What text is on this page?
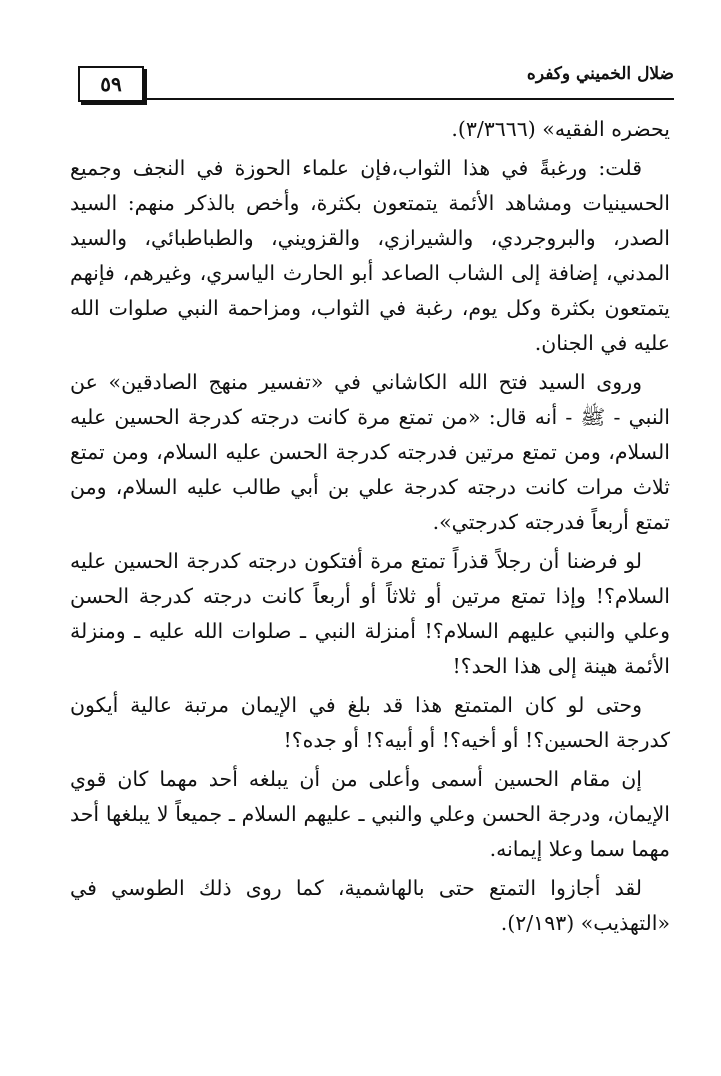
٥٩	ضلال الخميني وكفره

يحضره الفقيه» (٣/٣٦٦٦).

قلت: ورغبةً في هذا الثواب،فإن علماء الحوزة في النجف وجميع الحسينيات ومشاهد الأئمة يتمتعون بكثرة، وأخص بالذكر منهم: السيد الصدر، والبروجردي، والشيرازي، والقزويني، والطباطبائي، والسيد المدني، إضافة إلى الشاب الصاعد أبو الحارث الياسري، وغيرهم، فإنهم يتمتعون بكثرة وكل يوم، رغبة في الثواب، ومزاحمة النبي صلوات الله عليه في الجنان.

وروى السيد فتح الله الكاشاني في «تفسير منهج الصادقين» عن النبي - ﷺ - أنه قال: «من تمتع مرة كانت درجته كدرجة الحسين عليه السلام، ومن تمتع مرتين فدرجته كدرجة الحسن عليه السلام، ومن تمتع ثلاث مرات كانت درجته كدرجة علي بن أبي طالب عليه السلام، ومن تمتع أربعاً فدرجته كدرجتي».

لو فرضنا أن رجلاً قذراً تمتع مرة أفتكون درجته كدرجة الحسين عليه السلام؟! وإذا تمتع مرتين أو ثلاثاً أو أربعاً كانت درجته كدرجة الحسن وعلي والنبي عليهم السلام؟! أمنزلة النبي ـ صلوات الله عليه ـ ومنزلة الأئمة هينة إلى هذا الحد؟!

وحتى لو كان المتمتع هذا قد بلغ في الإيمان مرتبة عالية أيكون كدرجة الحسين؟! أو أخيه؟! أو أبيه؟! أو جده؟!

إن مقام الحسين أسمى وأعلى من أن يبلغه أحد مهما كان قوي الإيمان، ودرجة الحسن وعلي والنبي ـ عليهم السلام ـ جميعاً لا يبلغها أحد مهما سما وعلا إيمانه.

لقد أجازوا التمتع حتى بالهاشمية، كما روى ذلك الطوسي في «التهذيب» (٢/١٩٣).
